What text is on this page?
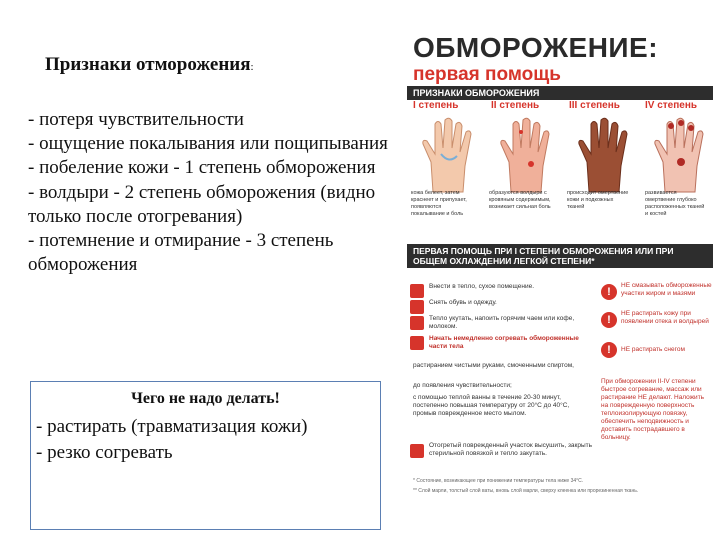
Признаки отморожения:
- потеря чувствительности
- ощущение покалывания или пощипывания
- побеление кожи - 1 степень обморожения
- волдыри - 2 степень обморожения (видно только после отогревания)
- потемнение и отмирание - 3 степень обморожения
Чего не надо делать!
- растирать (травматизация кожи)
- резко согревать
ОБМОРОЖЕНИЕ:
первая помощь
ПРИЗНАКИ ОБМОРОЖЕНИЯ
I степень	II степень	III степень	IV степень
кожа белеет, затем краснеет и припухает, появляются покалывание и боль
образуются волдыри с кровяным содержимым, возникает сильная боль
происходит омертвение кожи и подкожных тканей
развивается омертвение глубоко расположенных тканей и костей
ПЕРВАЯ ПОМОЩЬ ПРИ I СТЕПЕНИ ОБМОРОЖЕНИЯ ИЛИ ПРИ ОБЩЕМ ОХЛАЖДЕНИИ ЛЕГКОЙ СТЕПЕНИ*
Внести в тепло, сухое помещение.
Снять обувь и одежду.
Тепло укутать, напоить горячим чаем или кофе, молоком.
Начать немедленно согревать обмороженные части тела
растиранием чистыми руками, смоченными спиртом,
до появления чувствительности;
с помощью теплой ванны в течение 20-30 минут, постепенно повышая температуру от 20°С до 40°С, промыв поврежденное место мылом.
Отогретый поврежденный участок высушить, закрыть стерильной повязкой и тепло закутать.
!
НЕ смазывать обмороженные участки жиром и мазями
!
НЕ растирать кожу при появлении отека и волдырей
!	НЕ растирать снегом
При обморожении II-IV степени быстрое согревание, массаж или растирание НЕ делают. Наложить на поврежденную поверхность теплоизолирующую повязку, обеспечить неподвижность и доставить пострадавшего в больницу.
* Состояние, возникающее при понижении температуры тела ниже 34°С.
** Слой марли, толстый слой ваты, вновь слой марли, сверху клеенка или прорезиненная ткань.
